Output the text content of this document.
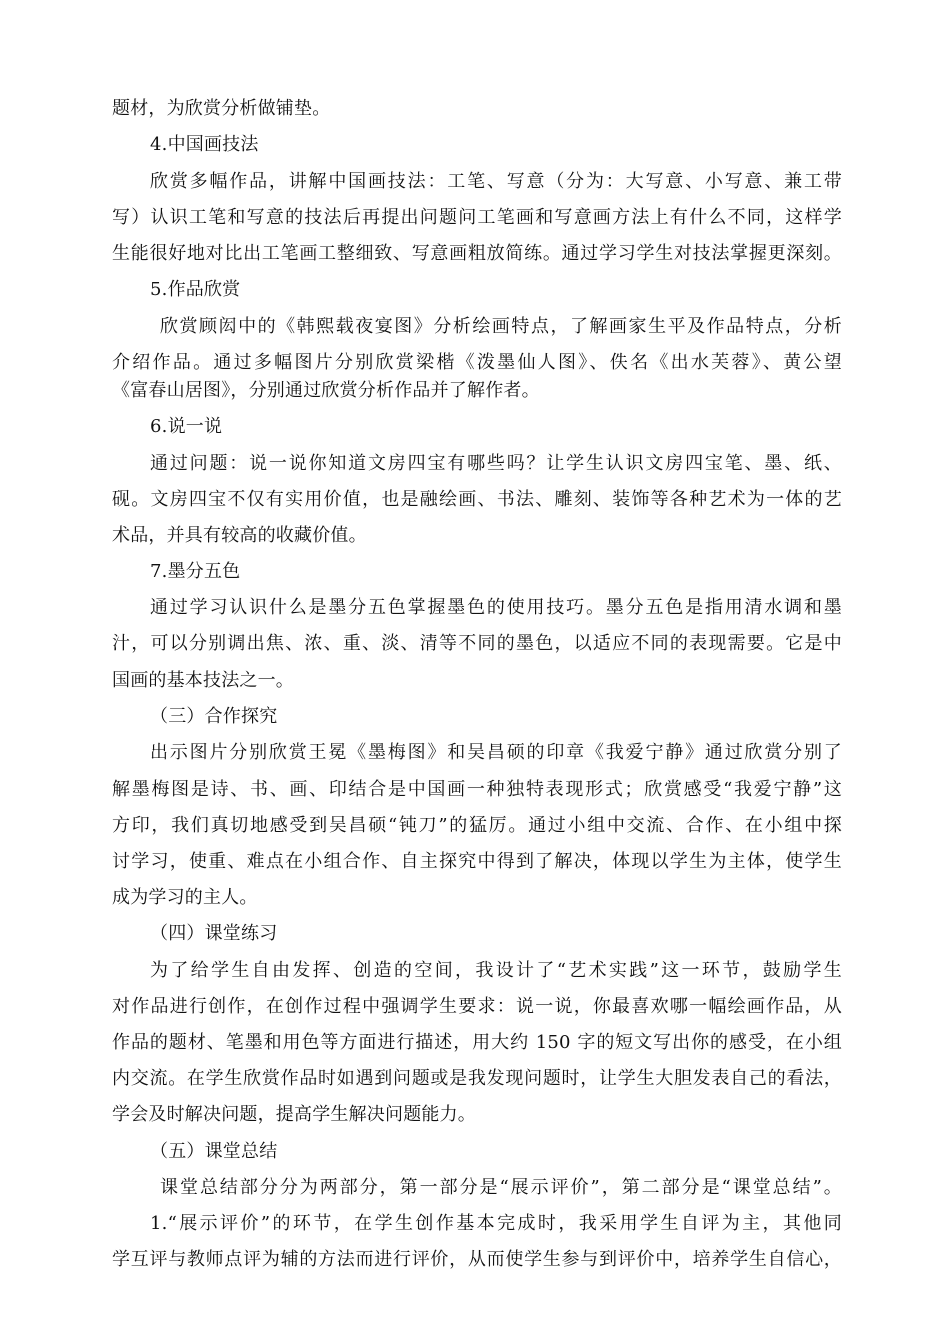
题材，为欣赏分析做铺垫。
4.中国画技法
欣赏多幅作品，讲解中国画技法：工笔、写意（分为：大写意、小写意、兼工带
写）认识工笔和写意的技法后再提出问题问工笔画和写意画方法上有什么不同，这样学
生能很好地对比出工笔画工整细致、写意画粗放简练。通过学习学生对技法掌握更深刻。
5.作品欣赏
欣赏顾闳中的《韩熙载夜宴图》分析绘画特点，了解画家生平及作品特点，分析
介绍作品。通过多幅图片分别欣赏梁楷《泼墨仙人图》、佚名《出水芙蓉》、黄公望
《富春山居图》，分别通过欣赏分析作品并了解作者。
6.说一说
通过问题：说一说你知道文房四宝有哪些吗？让学生认识文房四宝笔、墨、纸、
砚。文房四宝不仅有实用价值，也是融绘画、书法、雕刻、装饰等各种艺术为一体的艺
术品，并具有较高的收藏价值。
7.墨分五色
通过学习认识什么是墨分五色掌握墨色的使用技巧。墨分五色是指用清水调和墨
汁，可以分别调出焦、浓、重、淡、清等不同的墨色，以适应不同的表现需要。它是中
国画的基本技法之一。
（三）合作探究
出示图片分别欣赏王冕《墨梅图》和吴昌硕的印章《我爱宁静》通过欣赏分别了
解墨梅图是诗、书、画、印结合是中国画一种独特表现形式；欣赏感受“我爱宁静”这
方印，我们真切地感受到吴昌硕“钝刀”的猛厉。通过小组中交流、合作、在小组中探
讨学习，使重、难点在小组合作、自主探究中得到了解决，体现以学生为主体，使学生
成为学习的主人。
（四）课堂练习
为了给学生自由发挥、创造的空间，我设计了“艺术实践”这一环节，鼓励学生
对作品进行创作，在创作过程中强调学生要求：说一说，你最喜欢哪一幅绘画作品，从
作品的题材、笔墨和用色等方面进行描述，用大约 150 字的短文写出你的感受，在小组
内交流。在学生欣赏作品时如遇到问题或是我发现问题时，让学生大胆发表自己的看法，
学会及时解决问题，提高学生解决问题能力。
（五）课堂总结
课堂总结部分分为两部分，第一部分是“展示评价”，第二部分是“课堂总结”。
1.“展示评价”的环节，在学生创作基本完成时，我采用学生自评为主，其他同
学互评与教师点评为辅的方法而进行评价，从而使学生参与到评价中，培养学生自信心，
